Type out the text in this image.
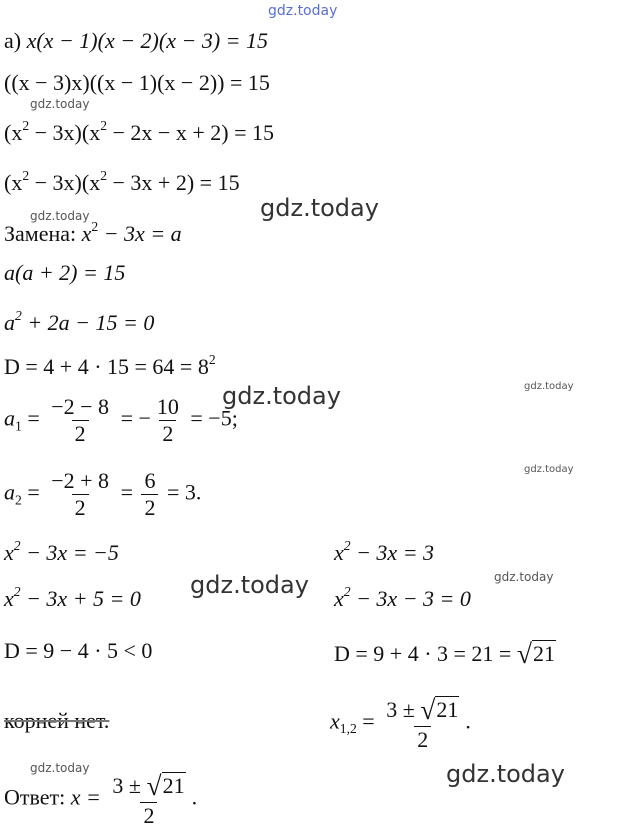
gdz.today
gdz.today
gdz.today	gdz.today
gdz.today	gdz.today
gdz.today
gdz.today	gdz.today
gdz.today	gdz.today
а) x(x − 1)(x − 2)(x − 3) = 15
((x − 3)x)((x − 1)(x − 2)) = 15
$(x^2 - 3x)(x^2 - 2x - x + 2) = 15$
$(x^2 - 3x)(x^2 - 3x + 2) = 15$
Замена: $x^2 - 3x = a$
a(a + 2) = 15
$a^2 + 2a - 15 = 0$
$D = 4 + 4 \cdot 15 = 64 = 8^2$
$a_1 = \frac{-2 - 8}{2}$ = − $\frac{10}{2} = -5$;
$a_2 = \frac{-2 + 8}{2} = \frac{6}{2} = 3$.
$x^2 - 3x = -5$
$x^2 - 3x + 5 = 0$
D = 9 − 4 · 5 < 0
корней нет.
$x^2 - 3x = 3$
$x^2 - 3x - 3 = 0$
D = 9 + 4 · 3 = 21 = √21
$x_{1,2} = \frac{3 \pm √21}{2}$ .
Ответ: $x = \frac{3 \pm √21}{2}$ .
